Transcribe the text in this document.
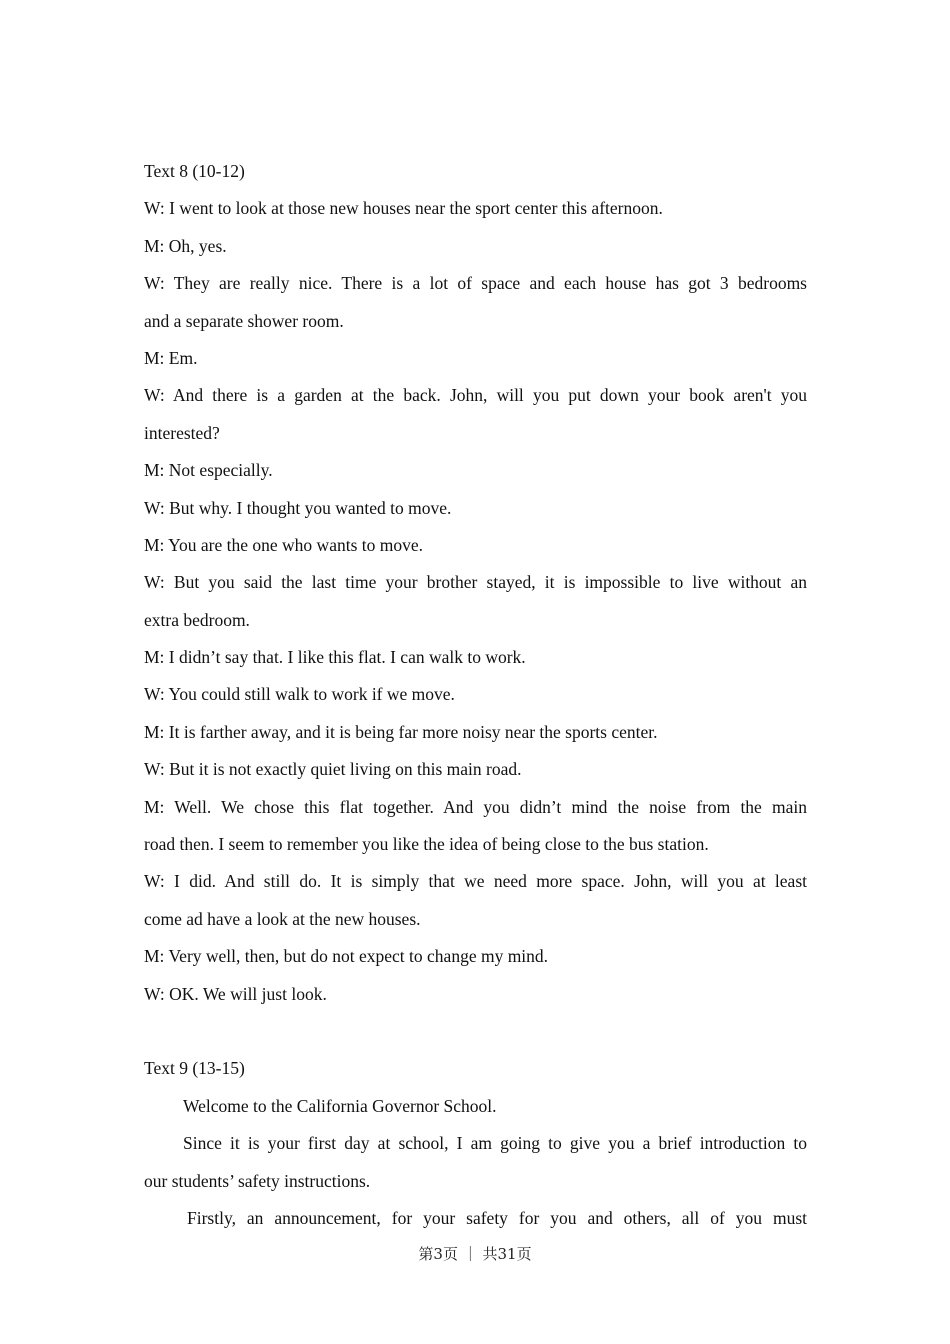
Text 8 (10-12)

W: I went to look at those new houses near the sport center this afternoon.

M: Oh, yes.

W: They are really nice. There is a lot of space and each house has got 3 bedrooms

and a separate shower room.

M: Em.

W: And there is a garden at the back. John, will you put down your book aren't you

interested?

M: Not especially.

W: But why. I thought you wanted to move.

M: You are the one who wants to move.

W: But you said the last time your brother stayed, it is impossible to live without an

extra bedroom.

M: I didn’t say that. I like this flat. I can walk to work.

W: You could still walk to work if we move.

M: It is farther away, and it is being far more noisy near the sports center.

W: But it is not exactly quiet living on this main road.

M: Well. We chose this flat together. And you didn’t mind the noise from the main

road then. I seem to remember you like the idea of being close to the bus station.

W: I did. And still do. It is simply that we need more space. John, will you at least

come ad have a look at the new houses.

M: Very well, then, but do not expect to change my mind.

W: OK. We will just look.

Text 9 (13-15)

Welcome to the California Governor School.

Since it is your first day at school, I am going to give you a brief introduction to

our students’ safety instructions.

Firstly, an announcement, for your safety for you and others, all of you must

第3页 ｜ 共31页
